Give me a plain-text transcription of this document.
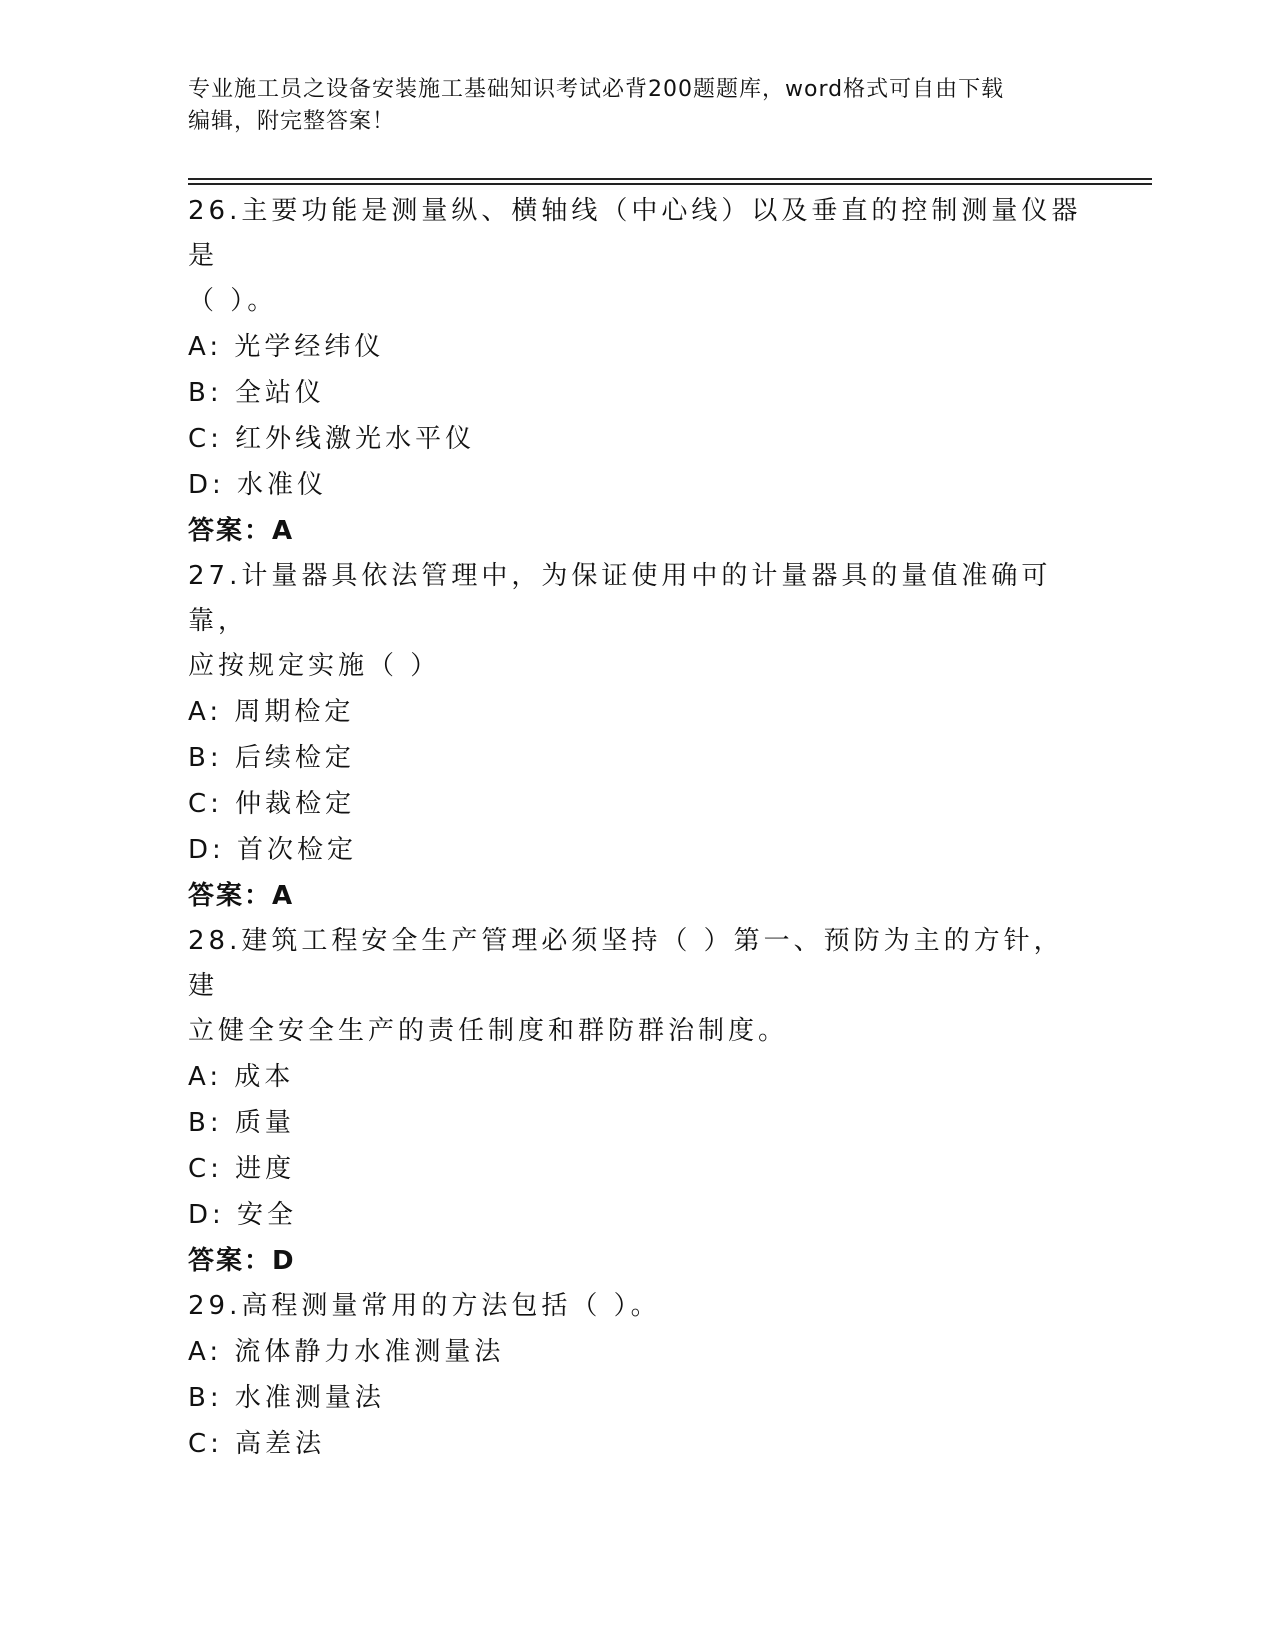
专业施工员之设备安装施工基础知识考试必背200题题库，word格式可自由下载
编辑，附完整答案！
26.主要功能是测量纵、横轴线（中心线）以及垂直的控制测量仪器是
（ ）。
A: 光学经纬仪
B: 全站仪
C: 红外线激光水平仪
D: 水准仪
答案：A
27.计量器具依法管理中，为保证使用中的计量器具的量值准确可靠，
应按规定实施（ ）
A: 周期检定
B: 后续检定
C: 仲裁检定
D: 首次检定
答案：A
28.建筑工程安全生产管理必须坚持（ ）第一、预防为主的方针，建
立健全安全生产的责任制度和群防群治制度。
A: 成本
B: 质量
C: 进度
D: 安全
答案：D
29.高程测量常用的方法包括（ ）。
A: 流体静力水准测量法
B: 水准测量法
C: 高差法
